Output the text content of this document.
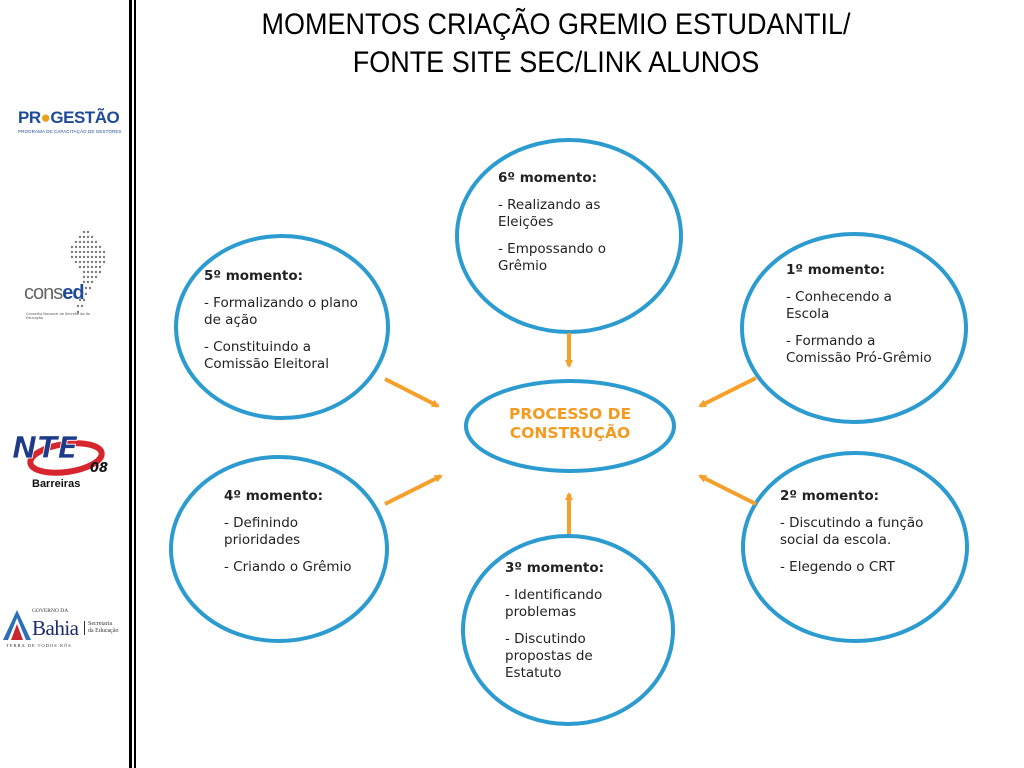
PR●GESTÃO
PROGRAMA DE CAPACITAÇÃO DE GESTORES
consed
Conselho Nacional de Secretários de Educação
NTE
08
Barreiras
GOVERNO DA
Bahia	Secretaria
da Educação
TERRA DE TODOS NÓS
MOMENTOS CRIAÇÃO GREMIO ESTUDANTIL/
FONTE SITE SEC/LINK ALUNOS
PROCESSO DE
CONSTRUÇÃO
6º momento:
- Realizando as Eleições
- Empossando o Grêmio
5º momento:
- Formalizando o plano de ação
- Constituindo a Comissão Eleitoral
1º momento:
- Conhecendo a Escola
- Formando a Comissão Pró-Grêmio
4º momento:
- Definindo prioridades
- Criando o Grêmio
2º momento:
- Discutindo a função social da escola.
- Elegendo o CRT
3º momento:
- Identificando problemas
- Discutindo propostas de Estatuto
